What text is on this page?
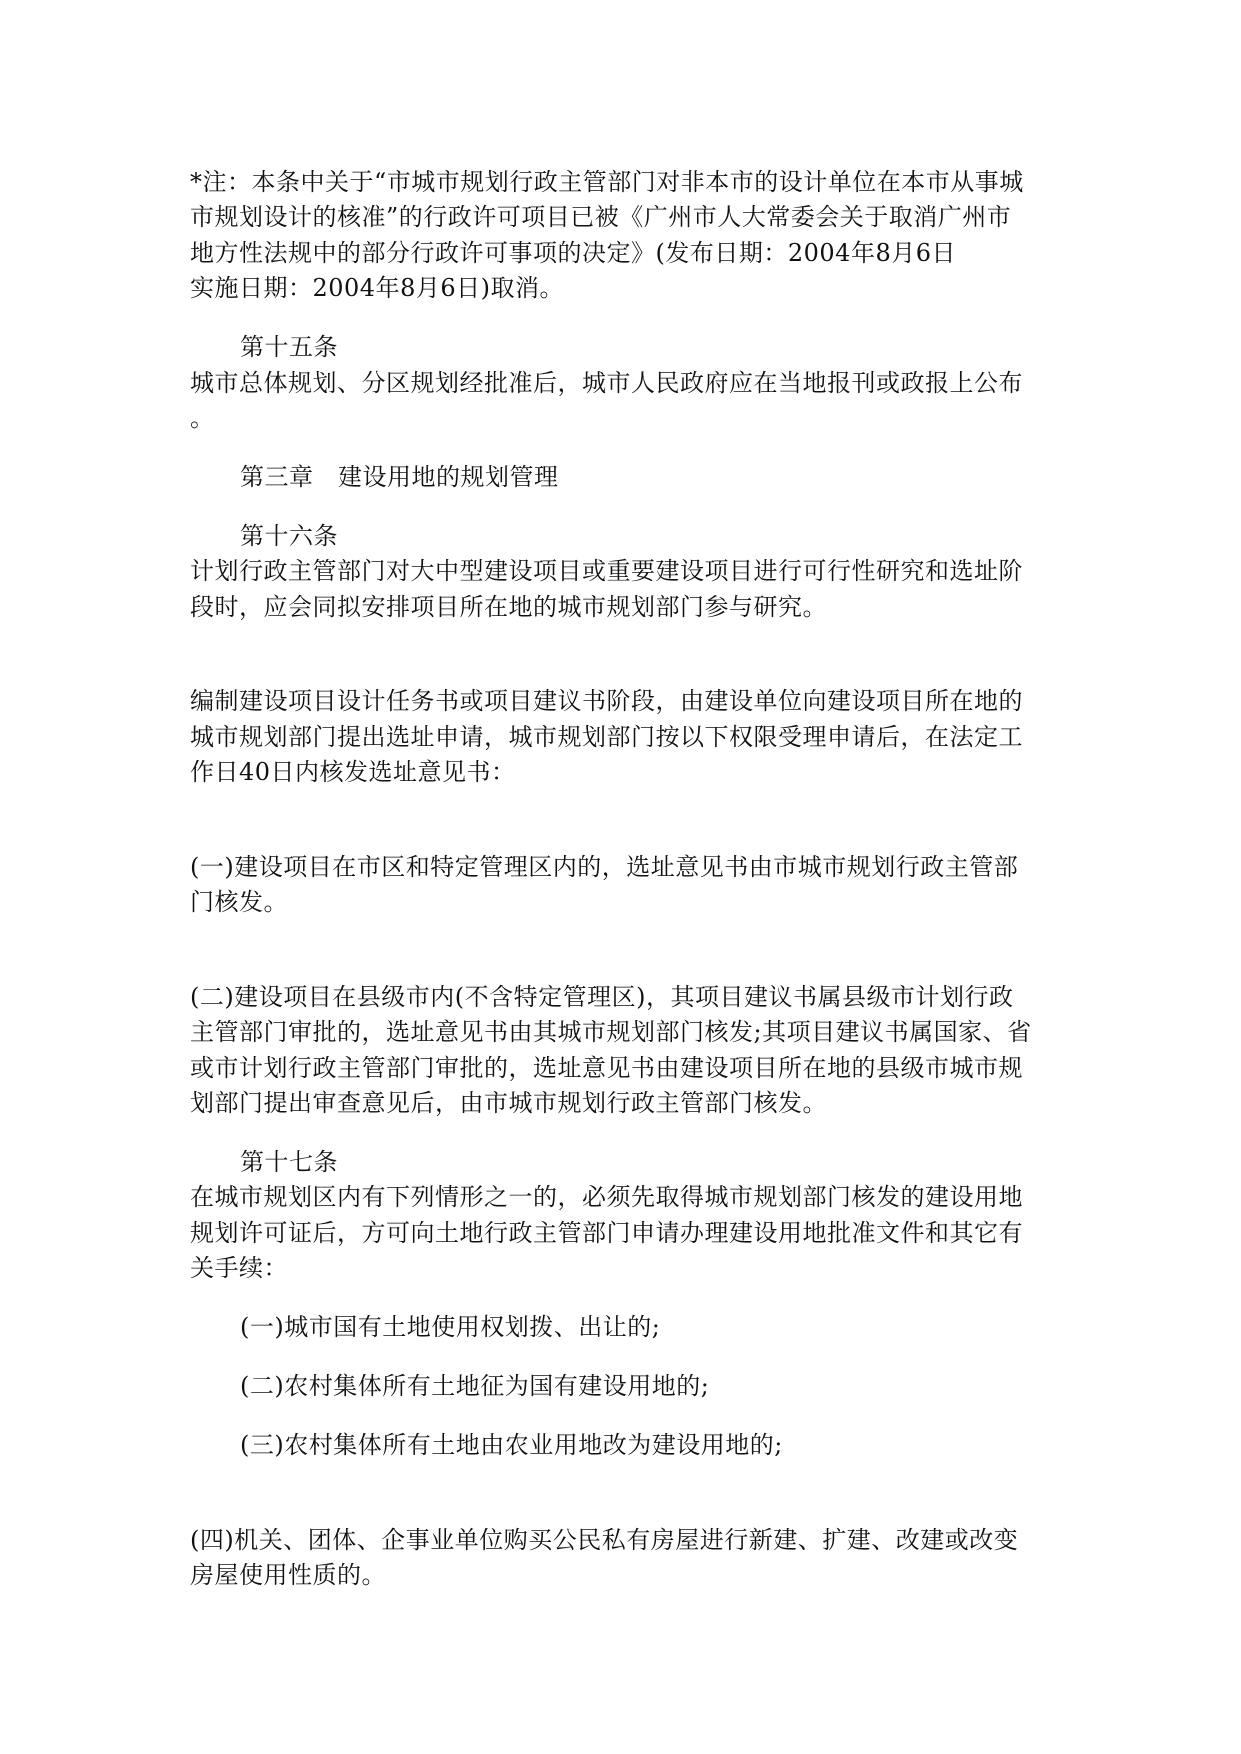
*注：本条中关于“市城市规划行政主管部门对非本市的设计单位在本市从事城
市规划设计的核准”的行政许可项目已被《广州市人大常委会关于取消广州市
地方性法规中的部分行政许可事项的决定》(发布日期：2004年8月6日
实施日期：2004年8月6日)取消。
第十五条
城市总体规划、分区规划经批准后，城市人民政府应在当地报刊或政报上公布
。
第三章　建设用地的规划管理
第十六条
计划行政主管部门对大中型建设项目或重要建设项目进行可行性研究和选址阶
段时，应会同拟安排项目所在地的城市规划部门参与研究。
编制建设项目设计任务书或项目建议书阶段，由建设单位向建设项目所在地的
城市规划部门提出选址申请，城市规划部门按以下权限受理申请后，在法定工
作日40日内核发选址意见书：
(一)建设项目在市区和特定管理区内的，选址意见书由市城市规划行政主管部
门核发。
(二)建设项目在县级市内(不含特定管理区)，其项目建议书属县级市计划行政
主管部门审批的，选址意见书由其城市规划部门核发;其项目建议书属国家、省
或市计划行政主管部门审批的，选址意见书由建设项目所在地的县级市城市规
划部门提出审查意见后，由市城市规划行政主管部门核发。
第十七条
在城市规划区内有下列情形之一的，必须先取得城市规划部门核发的建设用地
规划许可证后，方可向土地行政主管部门申请办理建设用地批准文件和其它有
关手续：
(一)城市国有土地使用权划拨、出让的;
(二)农村集体所有土地征为国有建设用地的;
(三)农村集体所有土地由农业用地改为建设用地的;
(四)机关、团体、企事业单位购买公民私有房屋进行新建、扩建、改建或改变
房屋使用性质的。
